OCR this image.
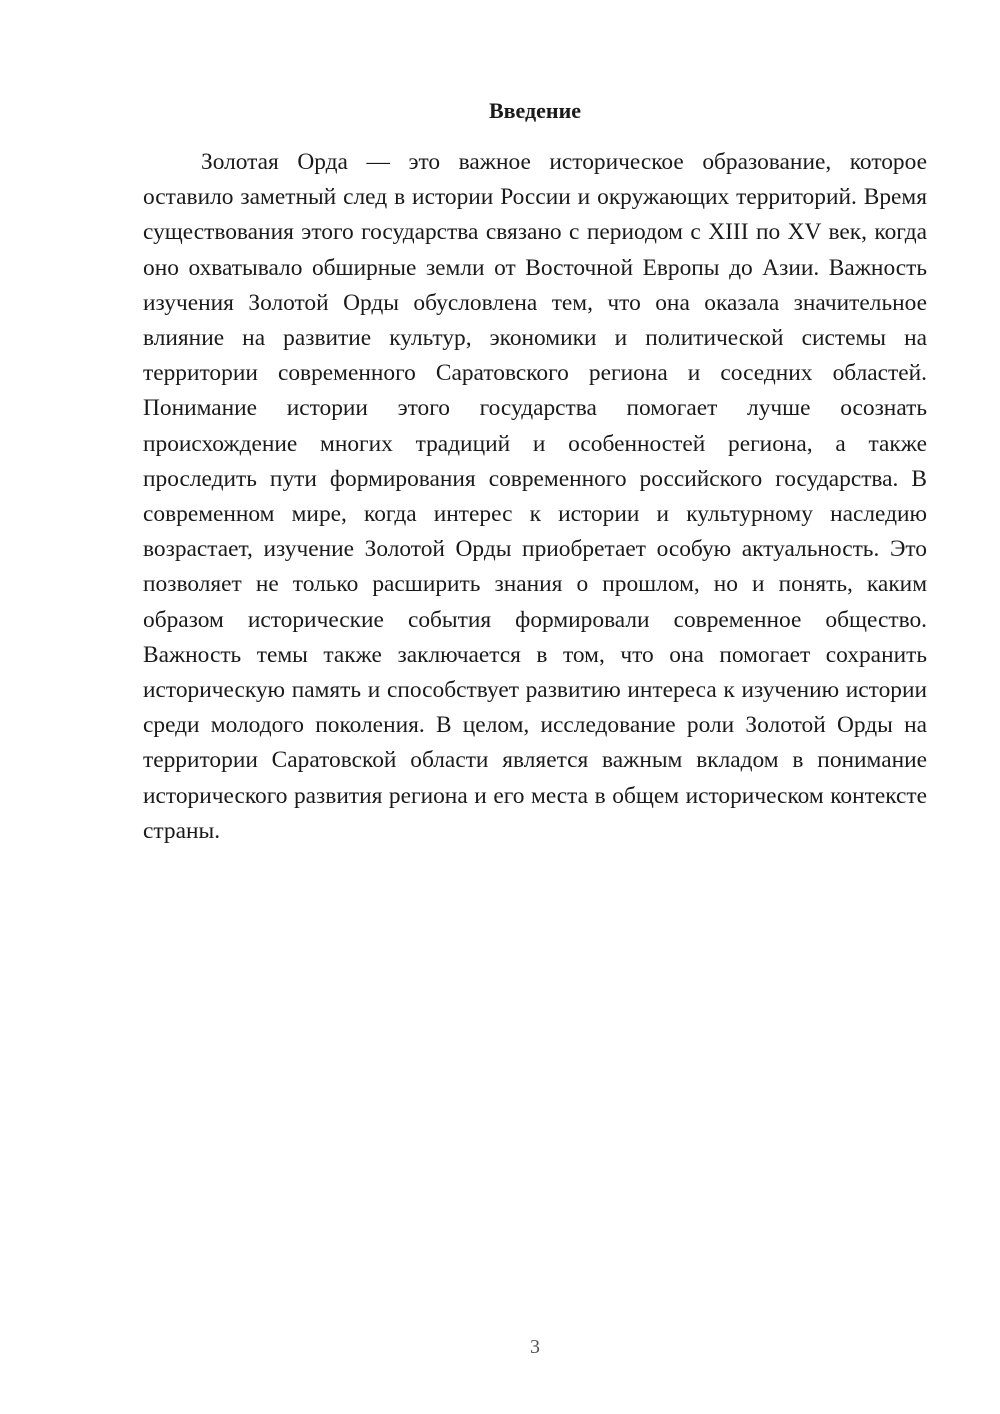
Введение

Золотая Орда — это важное историческое образование, которое оставило заметный след в истории России и окружающих территорий. Время существования этого государства связано с периодом с XIII по XV век, когда оно охватывало обширные земли от Восточной Европы до Азии. Важность изучения Золотой Орды обусловлена тем, что она оказала значительное влияние на развитие культур, экономики и политической системы на территории современного Саратовского региона и соседних областей. Понимание истории этого государства помогает лучше осознать происхождение многих традиций и особенностей региона, а также проследить пути формирования современного российского государства. В современном мире, когда интерес к истории и культурному наследию возрастает, изучение Золотой Орды приобретает особую актуальность. Это позволяет не только расширить знания о прошлом, но и понять, каким образом исторические события формировали современное общество. Важность темы также заключается в том, что она помогает сохранить историческую память и способствует развитию интереса к изучению истории среди молодого поколения. В целом, исследование роли Золотой Орды на территории Саратовской области является важным вкладом в понимание исторического развития региона и его места в общем историческом контексте страны.

3
